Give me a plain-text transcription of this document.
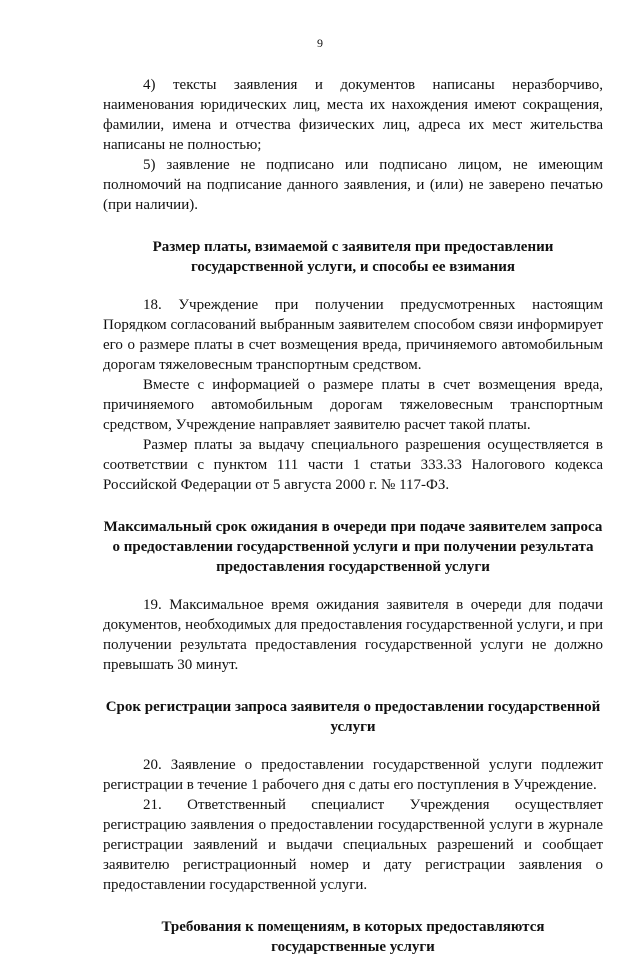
9

4) тексты заявления и документов написаны неразборчиво, наименования юридических лиц, места их нахождения имеют сокращения, фамилии, имена и отчества физических лиц, адреса их мест жительства написаны не полностью;

5) заявление не подписано или подписано лицом, не имеющим полномочий на подписание данного заявления, и (или) не заверено печатью (при наличии).

Размер платы, взимаемой с заявителя при предоставлении государственной услуги, и способы ее взимания

18. Учреждение при получении предусмотренных настоящим Порядком согласований выбранным заявителем способом связи информирует его о размере платы в счет возмещения вреда, причиняемого автомобильным дорогам тяжеловесным транспортным средством.

Вместе с информацией о размере платы в счет возмещения вреда, причиняемого автомобильным дорогам тяжеловесным транспортным средством, Учреждение направляет заявителю расчет такой платы.

Размер платы за выдачу специального разрешения осуществляется в соответствии с пунктом 111 части 1 статьи 333.33 Налогового кодекса Российской Федерации от 5 августа 2000 г. № 117-ФЗ.

Максимальный срок ожидания в очереди при подаче заявителем запроса о предоставлении государственной услуги и при получении результата предоставления государственной услуги

19. Максимальное время ожидания заявителя в очереди для подачи документов, необходимых для предоставления государственной услуги, и при получении результата предоставления государственной услуги не должно превышать 30 минут.

Срок регистрации запроса заявителя о предоставлении государственной услуги

20. Заявление о предоставлении государственной услуги подлежит регистрации в течение 1 рабочего дня с даты его поступления в Учреждение.

21. Ответственный специалист Учреждения осуществляет регистрацию заявления о предоставлении государственной услуги в журнале регистрации заявлений и выдачи специальных разрешений и сообщает заявителю регистрационный номер и дату регистрации заявления о предоставлении государственной услуги.

Требования к помещениям, в которых предоставляются государственные услуги
